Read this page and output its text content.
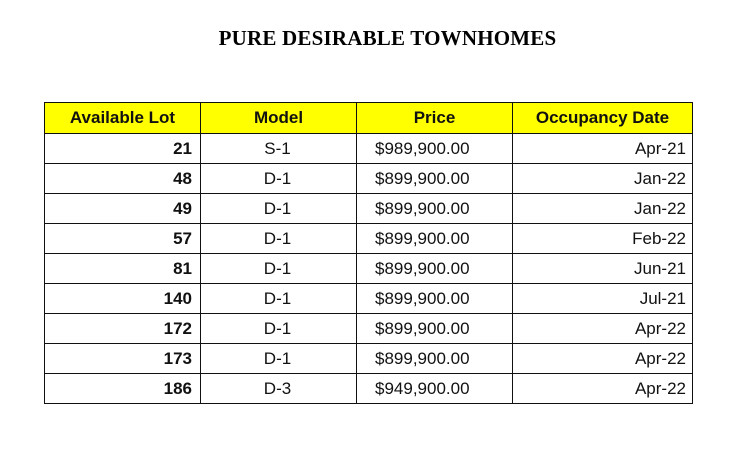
PURE DESIRABLE TOWNHOMES
Available Lot	Model	Price	Occupancy Date
21	S-1	$989,900.00	Apr-21
48	D-1	$899,900.00	Jan-22
49	D-1	$899,900.00	Jan-22
57	D-1	$899,900.00	Feb-22
81	D-1	$899,900.00	Jun-21
140	D-1	$899,900.00	Jul-21
172	D-1	$899,900.00	Apr-22
173	D-1	$899,900.00	Apr-22
186	D-3	$949,900.00	Apr-22
